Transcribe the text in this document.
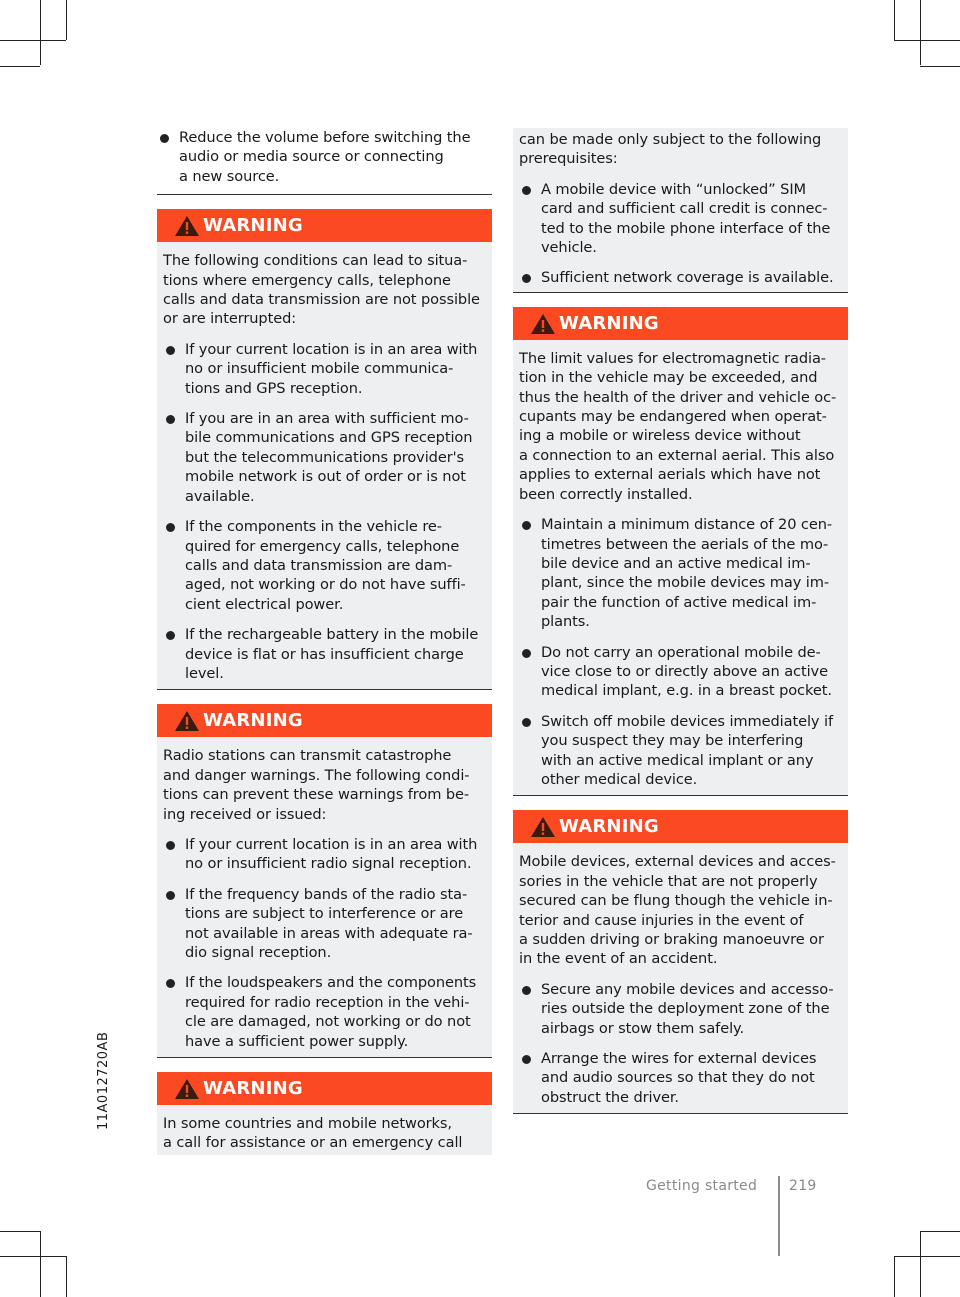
11A012720AB
Reduce the volume before switching the
audio or media source or connecting
a new source.
WARNING
The following conditions can lead to situa-
tions where emergency calls, telephone
calls and data transmission are not possible
or are interrupted:
If your current location is in an area with
no or insufficient mobile communica-
tions and GPS reception.
If you are in an area with sufficient mo-
bile communications and GPS reception
but the telecommunications provider's
mobile network is out of order or is not
available.
If the components in the vehicle re-
quired for emergency calls, telephone
calls and data transmission are dam-
aged, not working or do not have suffi-
cient electrical power.
If the rechargeable battery in the mobile
device is flat or has insufficient charge
level.
WARNING
Radio stations can transmit catastrophe
and danger warnings. The following condi-
tions can prevent these warnings from be-
ing received or issued:
If your current location is in an area with
no or insufficient radio signal reception.
If the frequency bands of the radio sta-
tions are subject to interference or are
not available in areas with adequate ra-
dio signal reception.
If the loudspeakers and the components
required for radio reception in the vehi-
cle are damaged, not working or do not
have a sufficient power supply.
WARNING
In some countries and mobile networks,
a call for assistance or an emergency call
can be made only subject to the following
prerequisites:
A mobile device with “unlocked” SIM
card and sufficient call credit is connec-
ted to the mobile phone interface of the
vehicle.
Sufficient network coverage is available.
WARNING
The limit values for electromagnetic radia-
tion in the vehicle may be exceeded, and
thus the health of the driver and vehicle oc-
cupants may be endangered when operat-
ing a mobile or wireless device without
a connection to an external aerial. This also
applies to external aerials which have not
been correctly installed.
Maintain a minimum distance of 20 cen-
timetres between the aerials of the mo-
bile device and an active medical im-
plant, since the mobile devices may im-
pair the function of active medical im-
plants.
Do not carry an operational mobile de-
vice close to or directly above an active
medical implant, e.g. in a breast pocket.
Switch off mobile devices immediately if
you suspect they may be interfering
with an active medical implant or any
other medical device.
WARNING
Mobile devices, external devices and acces-
sories in the vehicle that are not properly
secured can be flung though the vehicle in-
terior and cause injuries in the event of
a sudden driving or braking manoeuvre or
in the event of an accident.
Secure any mobile devices and accesso-
ries outside the deployment zone of the
airbags or stow them safely.
Arrange the wires for external devices
and audio sources so that they do not
obstruct the driver.
Getting started 219
